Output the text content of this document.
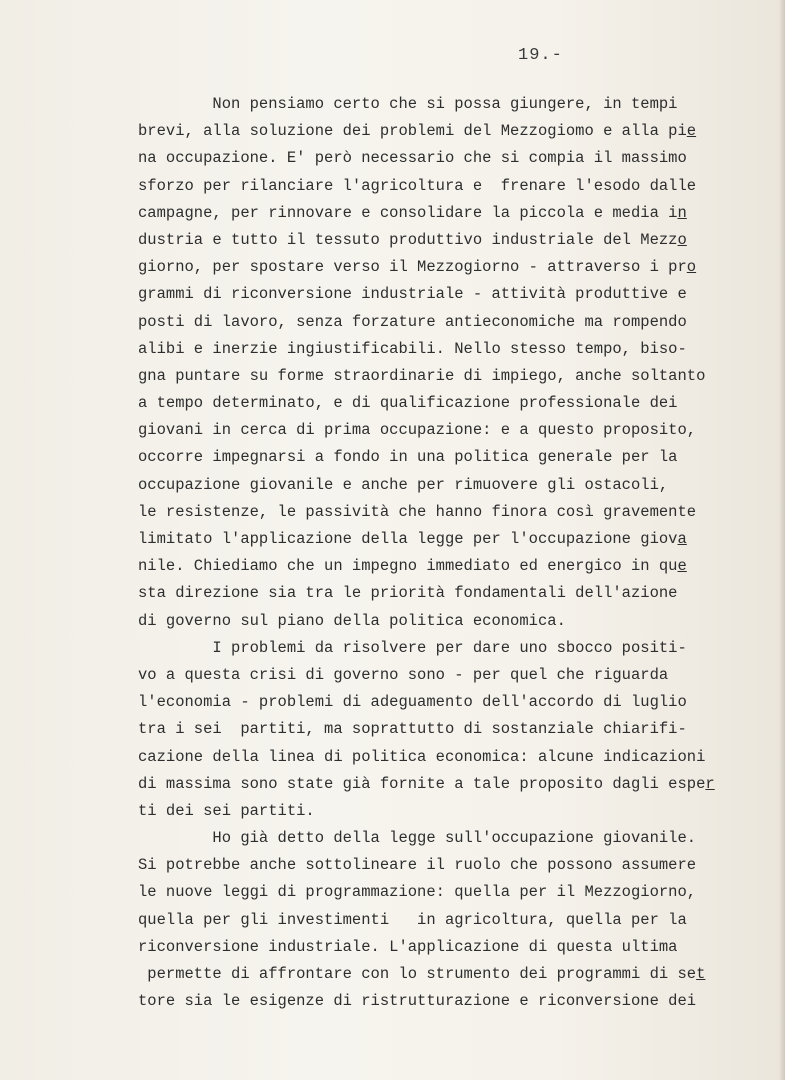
19.-
Non pensiamo certo che si possa giungere, in tempi
brevi, alla soluzione dei problemi del Mezzogiomo e alla pie
na occupazione. E' però necessario che si compia il massimo
sforzo per rilanciare l'agricoltura e  frenare l'esodo dalle
campagne, per rinnovare e consolidare la piccola e media in
dustria e tutto il tessuto produttivo industriale del Mezzo
giorno, per spostare verso il Mezzogiorno - attraverso i pro
grammi di riconversione industriale - attività produttive e
posti di lavoro, senza forzature antieconomiche ma rompendo
alibi e inerzie ingiustificabili. Nello stesso tempo, biso-
gna puntare su forme straordinarie di impiego, anche soltanto
a tempo determinato, e di qualificazione professionale dei
giovani in cerca di prima occupazione: e a questo proposito,
occorre impegnarsi a fondo in una politica generale per la
occupazione giovanile e anche per rimuovere gli ostacoli,
le resistenze, le passività che hanno finora così gravemente
limitato l'applicazione della legge per l'occupazione giova
nile. Chiediamo che un impegno immediato ed energico in que
sta direzione sia tra le priorità fondamentali dell'azione
di governo sul piano della politica economica.
I problemi da risolvere per dare uno sbocco positi-
vo a questa crisi di governo sono - per quel che riguarda
l'economia - problemi di adeguamento dell'accordo di luglio
tra i sei  partiti, ma soprattutto di sostanziale chiarifi-
cazione della linea di politica economica: alcune indicazioni
di massima sono state già fornite a tale proposito dagli esper
ti dei sei partiti.
Ho già detto della legge sull'occupazione giovanile.
Si potrebbe anche sottolineare il ruolo che possono assumere
le nuove leggi di programmazione: quella per il Mezzogiorno,
quella per gli investimenti   in agricoltura, quella per la
riconversione industriale. L'applicazione di questa ultima
permette di affrontare con lo strumento dei programmi di set
tore sia le esigenze di ristrutturazione e riconversione dei
